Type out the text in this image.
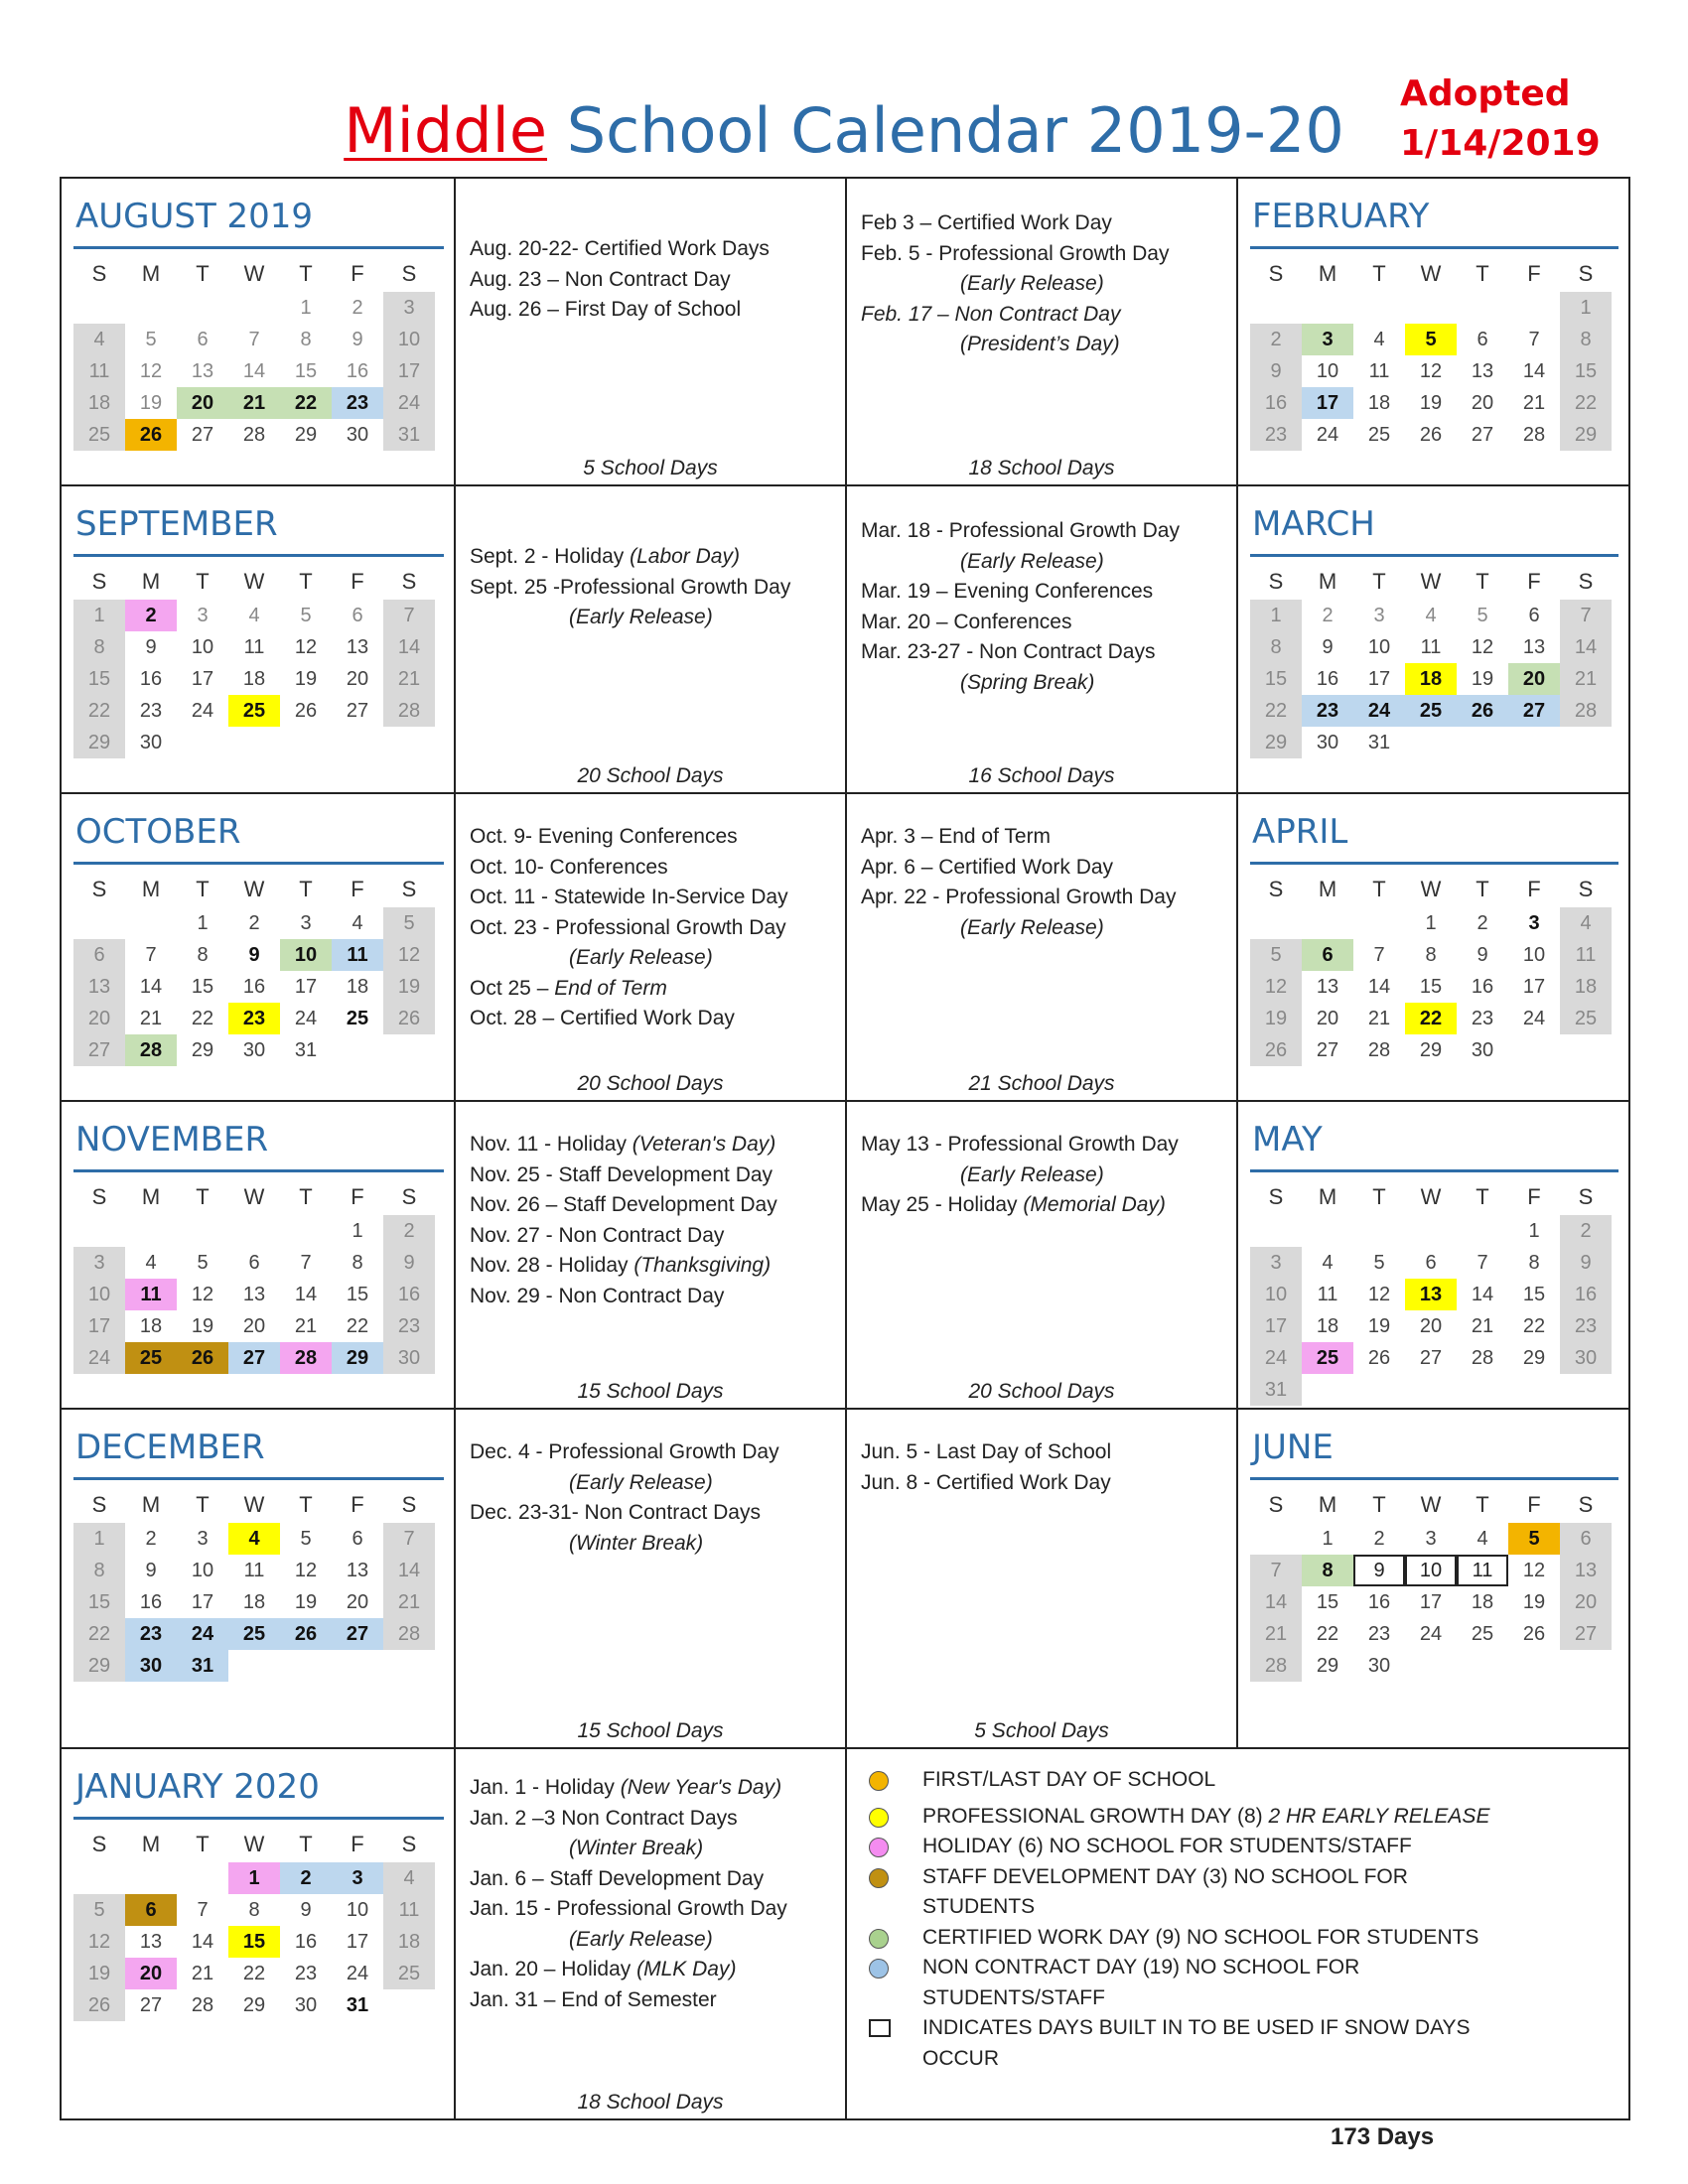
Middle School Calendar 2019-20
Adopted
1/14/2019
AUGUST 2019
S	M	T	W	T	F	S
				1	2	3
4	5	6	7	8	9	10
11	12	13	14	15	16	17
18	19	20	21	22	23	24
25	26	27	28	29	30	31
Aug. 20-22- Certified Work Days
Aug. 23 – Non Contract Day
Aug. 26 – First Day of School
5 School Days
Feb 3 – Certified Work Day
Feb. 5 - Professional Growth Day
(Early Release)
Feb. 17 – Non Contract Day
(President’s Day)
18 School Days
FEBRUARY
S	M	T	W	T	F	S
						1
2	3	4	5	6	7	8
9	10	11	12	13	14	15
16	17	18	19	20	21	22
23	24	25	26	27	28	29
SEPTEMBER
S	M	T	W	T	F	S
1	2	3	4	5	6	7
8	9	10	11	12	13	14
15	16	17	18	19	20	21
22	23	24	25	26	27	28
29	30					
Sept. 2 - Holiday (Labor Day)
Sept. 25 -Professional Growth Day
(Early Release)
20 School Days
Mar. 18 - Professional Growth Day
(Early Release)
Mar. 19 – Evening Conferences
Mar. 20 – Conferences
Mar. 23-27 - Non Contract Days
(Spring Break)
16 School Days
MARCH
S	M	T	W	T	F	S
1	2	3	4	5	6	7
8	9	10	11	12	13	14
15	16	17	18	19	20	21
22	23	24	25	26	27	28
29	30	31				
OCTOBER
S	M	T	W	T	F	S
		1	2	3	4	5
6	7	8	9	10	11	12
13	14	15	16	17	18	19
20	21	22	23	24	25	26
27	28	29	30	31		
Oct. 9- Evening Conferences
Oct. 10- Conferences
Oct. 11 - Statewide In-Service Day
Oct. 23 - Professional Growth Day
(Early Release)
Oct 25 – End of Term
Oct. 28 – Certified Work Day
20 School Days
Apr. 3 – End of Term
Apr. 6 – Certified Work Day
Apr. 22 - Professional Growth Day
(Early Release)
21 School Days
APRIL
S	M	T	W	T	F	S
			1	2	3	4
5	6	7	8	9	10	11
12	13	14	15	16	17	18
19	20	21	22	23	24	25
26	27	28	29	30		
NOVEMBER
S	M	T	W	T	F	S
					1	2
3	4	5	6	7	8	9
10	11	12	13	14	15	16
17	18	19	20	21	22	23
24	25	26	27	28	29	30
Nov. 11 - Holiday (Veteran's Day)
Nov. 25 - Staff Development Day
Nov. 26 – Staff Development Day
Nov. 27 - Non Contract Day
Nov. 28 - Holiday (Thanksgiving)
Nov. 29 - Non Contract Day
15 School Days
May 13 - Professional Growth Day
(Early Release)
May 25 - Holiday (Memorial Day)
20 School Days
MAY
S	M	T	W	T	F	S
					1	2
3	4	5	6	7	8	9
10	11	12	13	14	15	16
17	18	19	20	21	22	23
24	25	26	27	28	29	30
31						
DECEMBER
S	M	T	W	T	F	S
1	2	3	4	5	6	7
8	9	10	11	12	13	14
15	16	17	18	19	20	21
22	23	24	25	26	27	28
29	30	31				
Dec. 4 - Professional Growth Day
(Early Release)
Dec. 23-31- Non Contract Days
(Winter Break)
15 School Days
Jun. 5 - Last Day of School
Jun. 8 - Certified Work Day
5 School Days
JUNE
S	M	T	W	T	F	S
	1	2	3	4	5	6
7	8	9	10	11	12	13
14	15	16	17	18	19	20
21	22	23	24	25	26	27
28	29	30				
JANUARY 2020
S	M	T	W	T	F	S
			1	2	3	4
5	6	7	8	9	10	11
12	13	14	15	16	17	18
19	20	21	22	23	24	25
26	27	28	29	30	31	
Jan. 1 - Holiday (New Year's Day)
Jan. 2 –3 Non Contract Days
(Winter Break)
Jan. 6 – Staff Development Day
Jan. 15 - Professional Growth Day
(Early Release)
Jan. 20 – Holiday (MLK Day)
Jan. 31 – End of Semester
18 School Days
FIRST/LAST DAY OF SCHOOL
PROFESSIONAL GROWTH DAY (8) 2 HR EARLY RELEASE
HOLIDAY (6) NO SCHOOL FOR STUDENTS/STAFF
STAFF DEVELOPMENT DAY (3) NO SCHOOL FOR
STUDENTS
CERTIFIED WORK DAY (9) NO SCHOOL FOR STUDENTS
NON CONTRACT DAY (19) NO SCHOOL FOR
STUDENTS/STAFF
INDICATES DAYS BUILT IN TO BE USED IF SNOW DAYS
OCCUR
173 Days
